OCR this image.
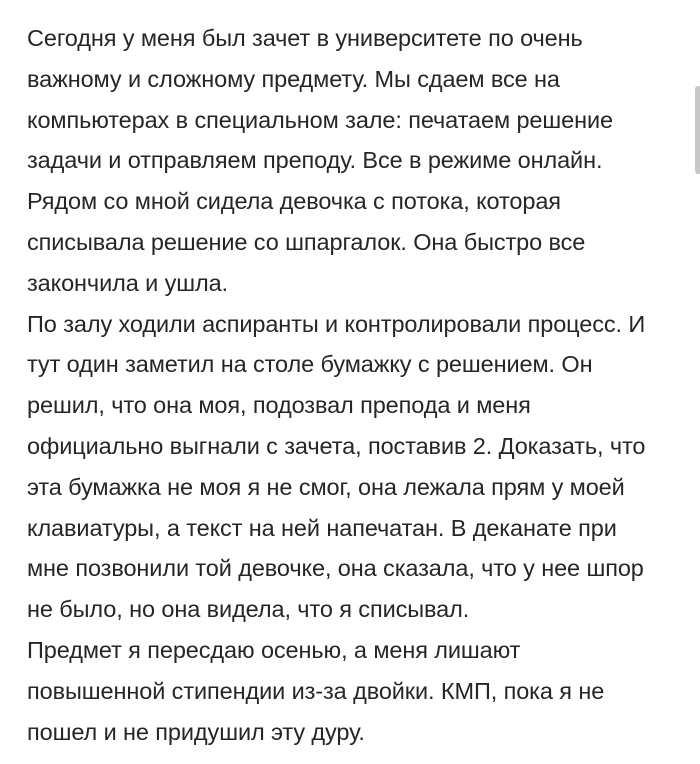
Сегодня у меня был зачет в университете по очень
важному и сложному предмету. Мы сдаем все на
компьютерах в специальном зале: печатаем решение
задачи и отправляем преподу. Все в режиме онлайн.
Рядом со мной сидела девочка с потока, которая
списывала решение со шпаргалок. Она быстро все
закончила и ушла.

По залу ходили аспиранты и контролировали процесс. И
тут один заметил на столе бумажку с решением. Он
решил, что она моя, подозвал препода и меня
официально выгнали с зачета, поставив 2. Доказать, что
эта бумажка не моя я не смог, она лежала прям у моей
клавиатуры, а текст на ней напечатан. В деканате при
мне позвонили той девочке, она сказала, что у нее шпор
не было, но она видела, что я списывал.

Предмет я пересдаю осенью, а меня лишают
повышенной стипендии из-за двойки. КМП, пока я не
пошел и не придушил эту дуру.
